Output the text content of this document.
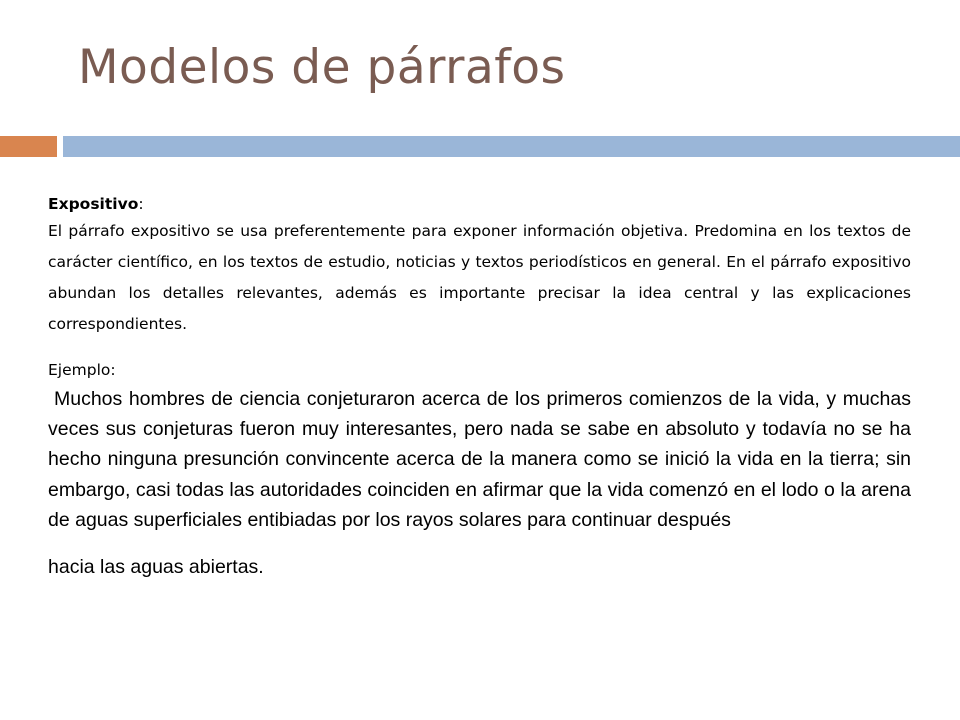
Modelos de párrafos

Expositivo:

El párrafo expositivo se usa preferentemente para exponer información objetiva. Predomina en los textos de carácter científico, en los textos de estudio, noticias y textos periodísticos en general. En el párrafo expositivo abundan los detalles relevantes, además es importante precisar la idea central y las explicaciones correspondientes.

Ejemplo:

Muchos hombres de ciencia conjeturaron acerca de los primeros comienzos de la vida, y muchas veces sus conjeturas fueron muy interesantes, pero nada se sabe en absoluto y todavía no se ha hecho ninguna presunción convincente acerca de la manera como se inició la vida en la tierra; sin embargo, casi todas las autoridades coinciden en afirmar que la vida comenzó en el lodo o la arena de aguas superficiales entibiadas por los rayos solares para continuar después

hacia las aguas abiertas.
